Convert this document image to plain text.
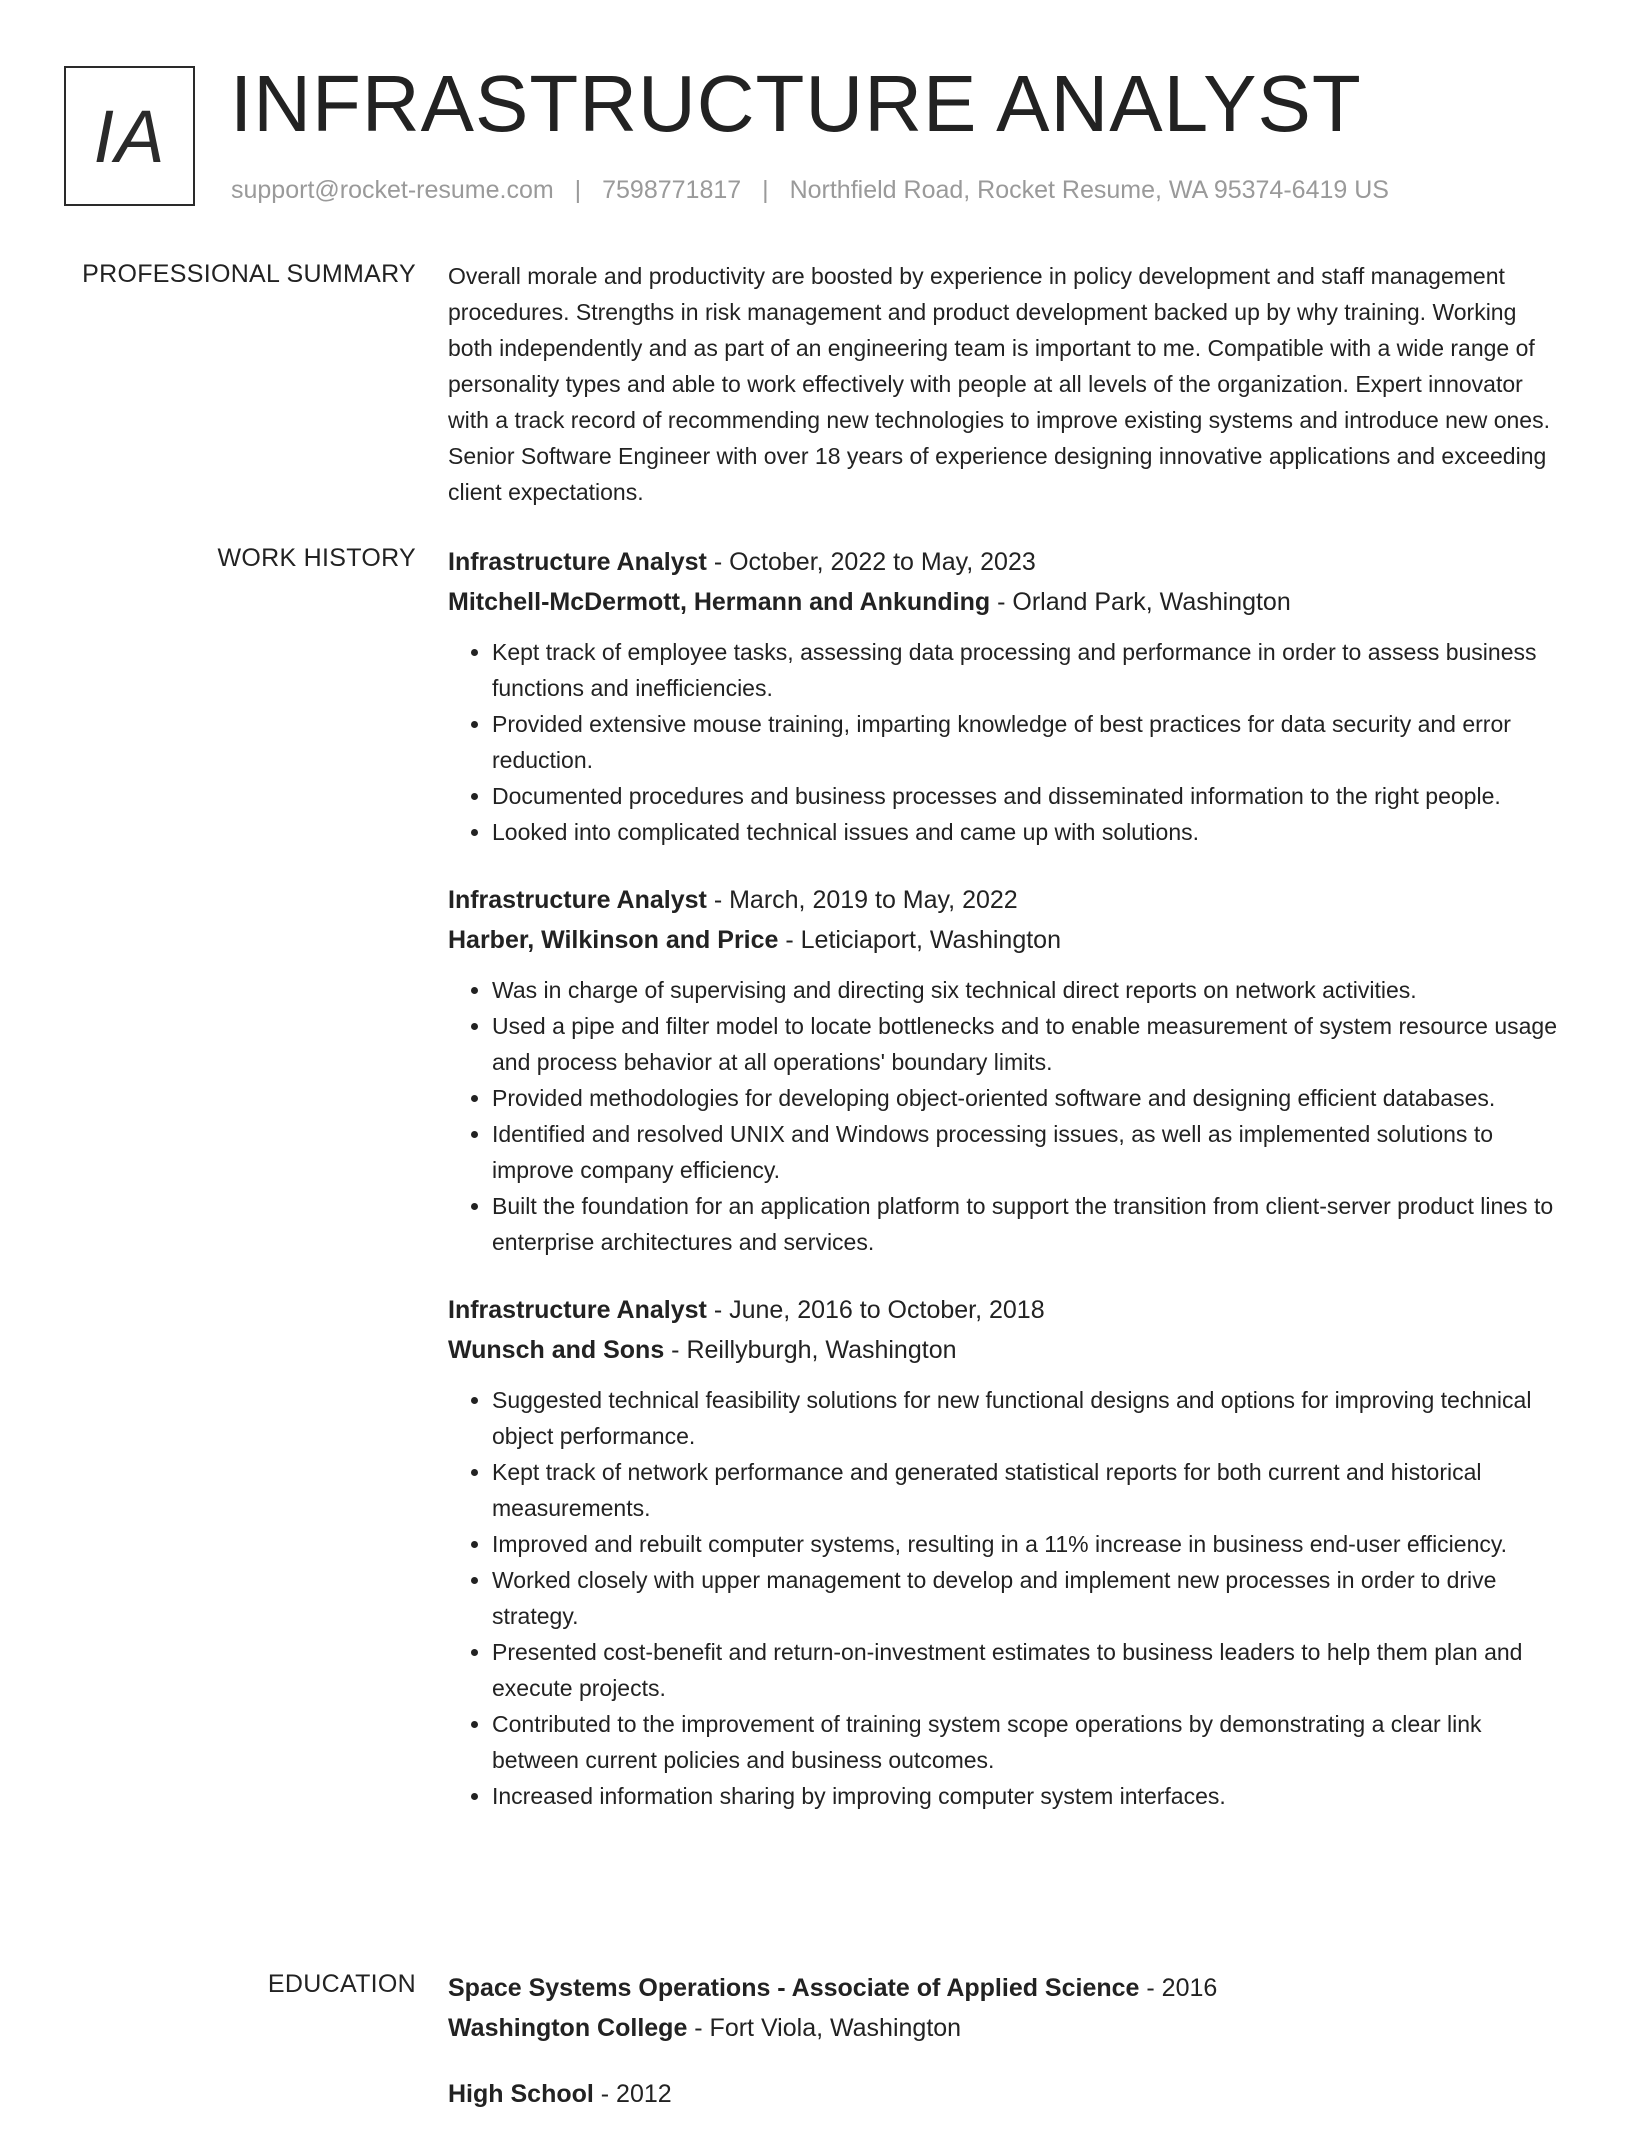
IA INFRASTRUCTURE ANALYST
support@rocket-resume.com | 7598771817 | Northfield Road, Rocket Resume, WA 95374-6419 US
PROFESSIONAL SUMMARY Overall morale and productivity are boosted by experience in policy development and staff management procedures. Strengths in risk management and product development backed up by why training. Working both independently and as part of an engineering team is important to me. Compatible with a wide range of personality types and able to work effectively with people at all levels of the organization. Expert innovator with a track record of recommending new technologies to improve existing systems and introduce new ones. Senior Software Engineer with over 18 years of experience designing innovative applications and exceeding client expectations.

WORK HISTORY Infrastructure Analyst - October, 2022 to May, 2023
Mitchell-McDermott, Hermann and Ankunding - Orland Park, Washington
• Kept track of employee tasks, assessing data processing and performance in order to assess business functions and inefficiencies.
• Provided extensive mouse training, imparting knowledge of best practices for data security and error reduction.
• Documented procedures and business processes and disseminated information to the right people.
• Looked into complicated technical issues and came up with solutions.
Infrastructure Analyst - March, 2019 to May, 2022
Harber, Wilkinson and Price - Leticiaport, Washington
• Was in charge of supervising and directing six technical direct reports on network activities.
• Used a pipe and filter model to locate bottlenecks and to enable measurement of system resource usage and process behavior at all operations' boundary limits.
• Provided methodologies for developing object-oriented software and designing efficient databases.
• Identified and resolved UNIX and Windows processing issues, as well as implemented solutions to improve company efficiency.
• Built the foundation for an application platform to support the transition from client-server product lines to enterprise architectures and services.
Infrastructure Analyst - June, 2016 to October, 2018
Wunsch and Sons - Reillyburgh, Washington
• Suggested technical feasibility solutions for new functional designs and options for improving technical object performance.
• Kept track of network performance and generated statistical reports for both current and historical measurements.
• Improved and rebuilt computer systems, resulting in a 11% increase in business end-user efficiency.
• Worked closely with upper management to develop and implement new processes in order to drive strategy.
• Presented cost-benefit and return-on-investment estimates to business leaders to help them plan and execute projects.
• Contributed to the improvement of training system scope operations by demonstrating a clear link between current policies and business outcomes.
• Increased information sharing by improving computer system interfaces.
EDUCATION Space Systems Operations - Associate of Applied Science - 2016
Washington College - Fort Viola, Washington
High School - 2012
